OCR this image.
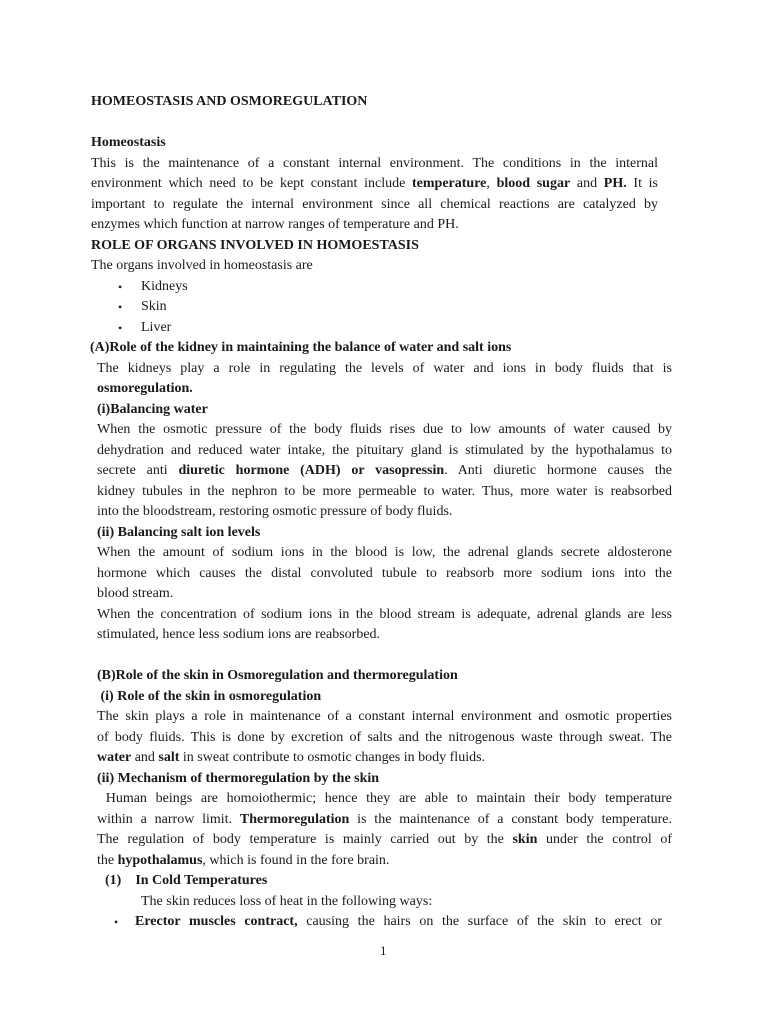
HOMEOSTASIS AND OSMOREGULATION
Homeostasis
This is the maintenance of a constant internal environment. The conditions in the internal
environment which need to be kept constant include temperature, blood sugar and PH. It is
important to regulate the internal environment since all chemical reactions are catalyzed by
enzymes which function at narrow ranges of temperature and PH.
ROLE OF ORGANS INVOLVED IN HOMOESTASIS
The organs involved in homeostasis are
• Kidneys
• Skin
• Liver
(A)Role of the kidney in maintaining the balance of water and salt ions
The kidneys play a role in regulating the levels of water and ions in body fluids that is
osmoregulation.
(i)Balancing water
When the osmotic pressure of the body fluids rises due to low amounts of water caused by
dehydration and reduced water intake, the pituitary gland is stimulated by the hypothalamus to
secrete anti diuretic hormone (ADH) or vasopressin. Anti diuretic hormone causes the
kidney tubules in the nephron to be more permeable to water. Thus, more water is reabsorbed
into the bloodstream, restoring osmotic pressure of body fluids.
(ii) Balancing salt ion levels
When the amount of sodium ions in the blood is low, the adrenal glands secrete aldosterone
hormone which causes the distal convoluted tubule to reabsorb more sodium ions into the
blood stream.
When the concentration of sodium ions in the blood stream is adequate, adrenal glands are less
stimulated, hence less sodium ions are reabsorbed.
(B)Role of the skin in Osmoregulation and thermoregulation
(i) Role of the skin in osmoregulation
The skin plays a role in maintenance of a constant internal environment and osmotic properties
of body fluids. This is done by excretion of salts and the nitrogenous waste through sweat. The
water and salt in sweat contribute to osmotic changes in body fluids.
(ii) Mechanism of thermoregulation by the skin
Human beings are homoiothermic; hence they are able to maintain their body temperature
within a narrow limit. Thermoregulation is the maintenance of a constant body temperature.
The regulation of body temperature is mainly carried out by the skin under the control of
the hypothalamus, which is found in the fore brain.
(1)    In Cold Temperatures
The skin reduces loss of heat in the following ways:
• Erector muscles contract, causing the hairs on the surface of the skin to erect or
1
